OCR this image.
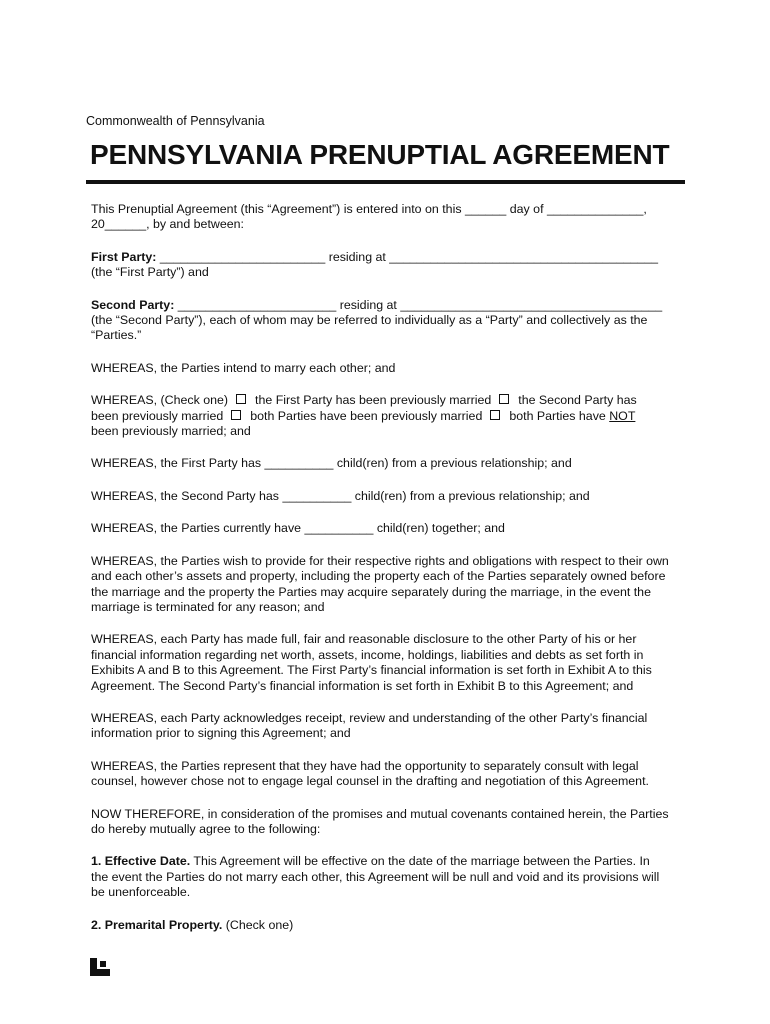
Commonwealth of Pennsylvania
PENNSYLVANIA PRENUPTIAL AGREEMENT
This Prenuptial Agreement (this “Agreement”) is entered into on this ______ day of ______________,
20______, by and between:
First Party: ________________________ residing at _______________________________________
(the “First Party”) and
Second Party: _______________________ residing at ______________________________________
(the “Second Party”), each of whom may be referred to individually as a “Party” and collectively as the
“Parties.”
WHEREAS, the Parties intend to marry each other; and
WHEREAS, (Check one) the First Party has been previously married the Second Party has
been previously married both Parties have been previously married both Parties have NOT
been previously married; and
WHEREAS, the First Party has __________ child(ren) from a previous relationship; and
WHEREAS, the Second Party has __________ child(ren) from a previous relationship; and
WHEREAS, the Parties currently have __________ child(ren) together; and
WHEREAS, the Parties wish to provide for their respective rights and obligations with respect to their own
and each other’s assets and property, including the property each of the Parties separately owned before
the marriage and the property the Parties may acquire separately during the marriage, in the event the
marriage is terminated for any reason; and
WHEREAS, each Party has made full, fair and reasonable disclosure to the other Party of his or her
financial information regarding net worth, assets, income, holdings, liabilities and debts as set forth in
Exhibits A and B to this Agreement. The First Party’s financial information is set forth in Exhibit A to this
Agreement. The Second Party’s financial information is set forth in Exhibit B to this Agreement; and
WHEREAS, each Party acknowledges receipt, review and understanding of the other Party’s financial
information prior to signing this Agreement; and
WHEREAS, the Parties represent that they have had the opportunity to separately consult with legal
counsel, however chose not to engage legal counsel in the drafting and negotiation of this Agreement.
NOW THEREFORE, in consideration of the promises and mutual covenants contained herein, the Parties
do hereby mutually agree to the following:
1. Effective Date. This Agreement will be effective on the date of the marriage between the Parties. In
the event the Parties do not marry each other, this Agreement will be null and void and its provisions will
be unenforceable.
2. Premarital Property. (Check one)
